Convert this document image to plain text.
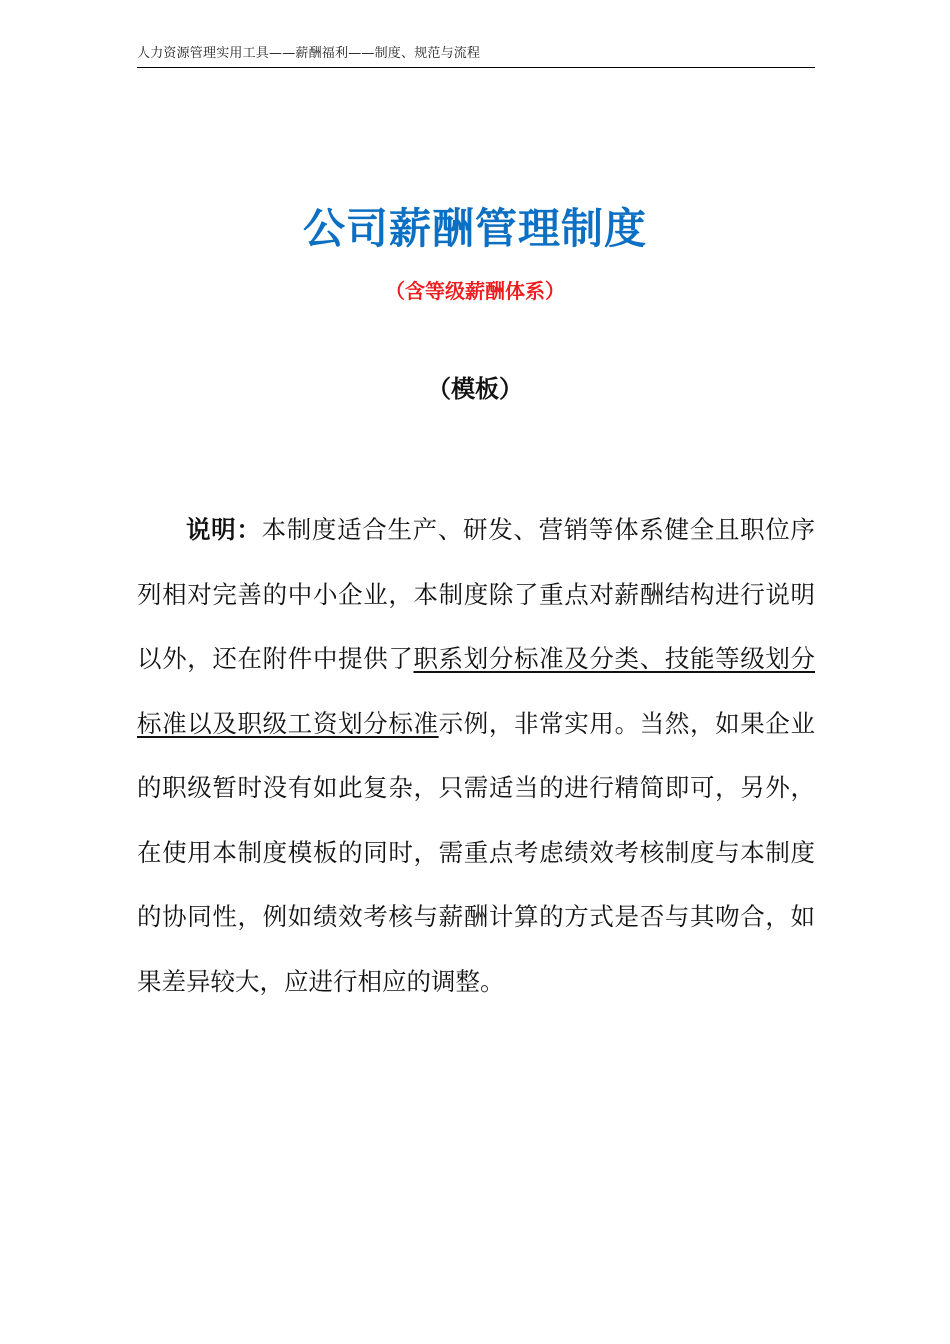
人力资源管理实用工具——薪酬福利——制度、规范与流程
公司薪酬管理制度
（含等级薪酬体系）
（模板）

说明：本制度适合生产、研发、营销等体系健全且职位序列相对完善的中小企业，本制度除了重点对薪酬结构进行说明以外，还在附件中提供了职系划分标准及分类、技能等级划分标准以及职级工资划分标准示例，非常实用。当然，如果企业的职级暂时没有如此复杂，只需适当的进行精简即可，另外，在使用本制度模板的同时，需重点考虑绩效考核制度与本制度的协同性，例如绩效考核与薪酬计算的方式是否与其吻合，如果差异较大，应进行相应的调整。
